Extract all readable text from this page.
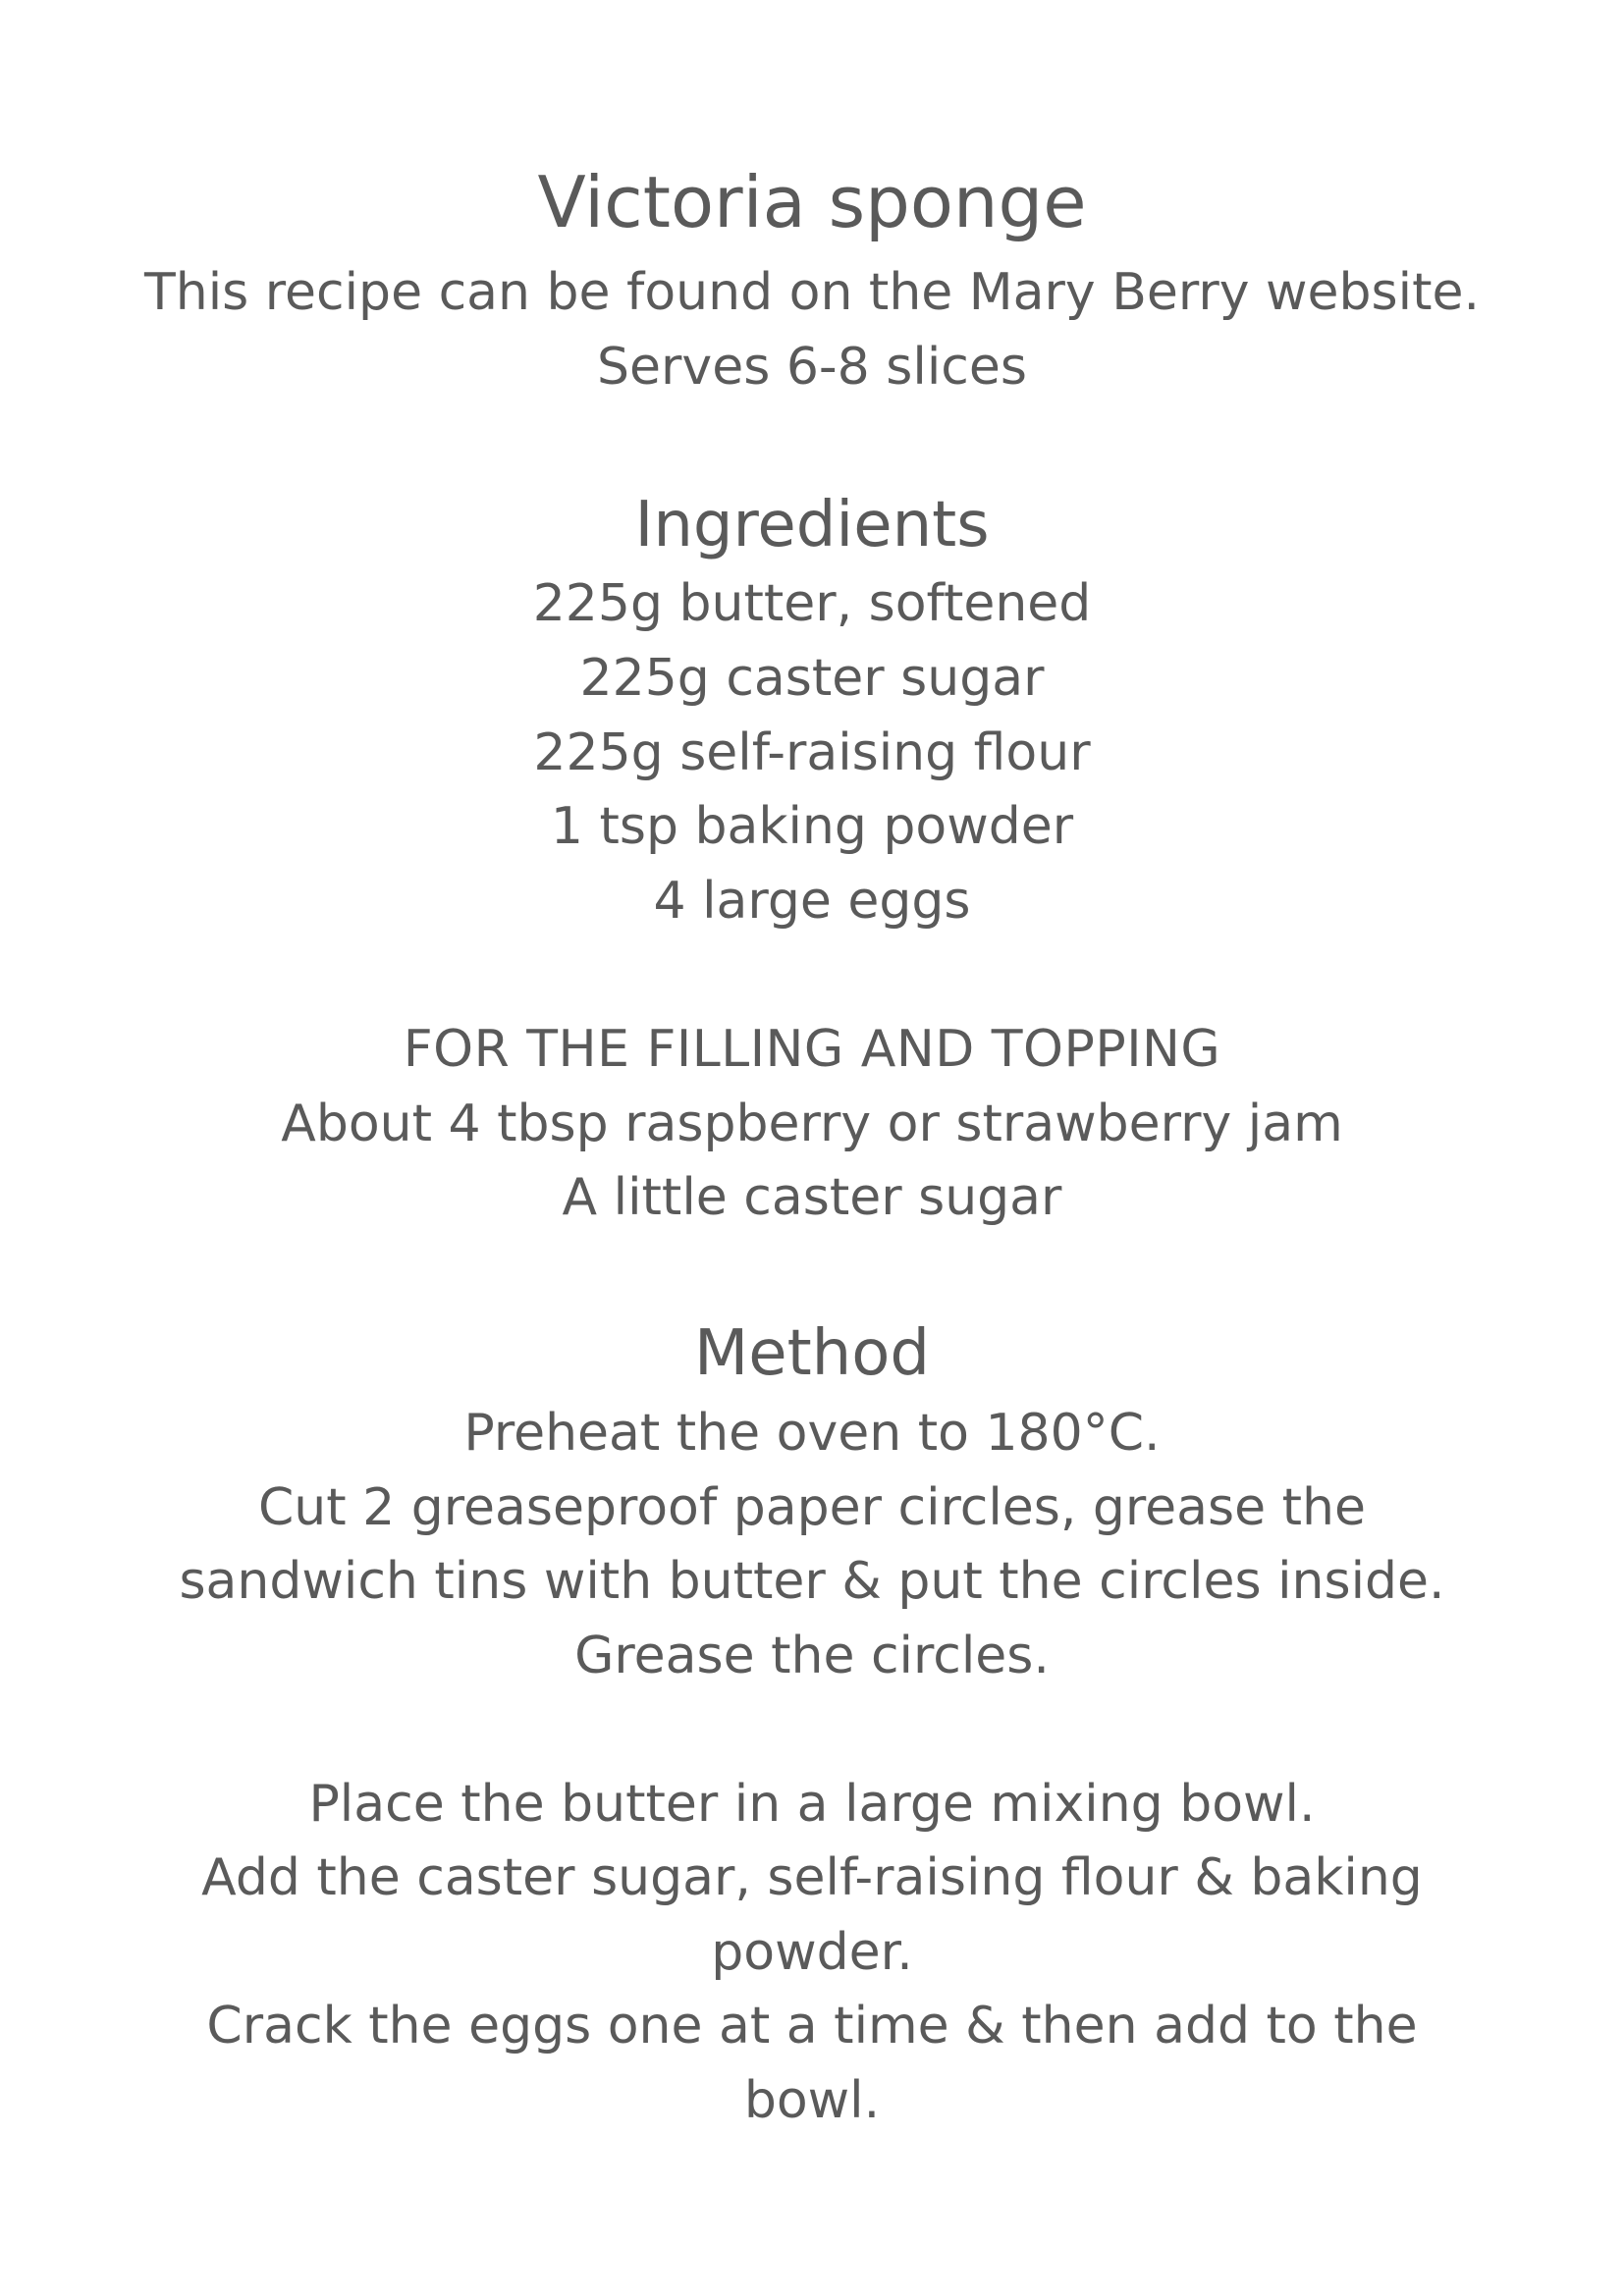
Victoria sponge
This recipe can be found on the Mary Berry website.
Serves 6-8 slices
Ingredients
225g butter, softened
225g caster sugar
225g self-raising flour
1 tsp baking powder
4 large eggs
FOR THE FILLING AND TOPPING
About 4 tbsp raspberry or strawberry jam
A little caster sugar
Method
Preheat the oven to 180°C.
Cut 2 greaseproof paper circles, grease the
sandwich tins with butter & put the circles inside.
Grease the circles.
Place the butter in a large mixing bowl.
Add the caster sugar, self-raising flour & baking
powder.
Crack the eggs one at a time & then add to the
bowl.
